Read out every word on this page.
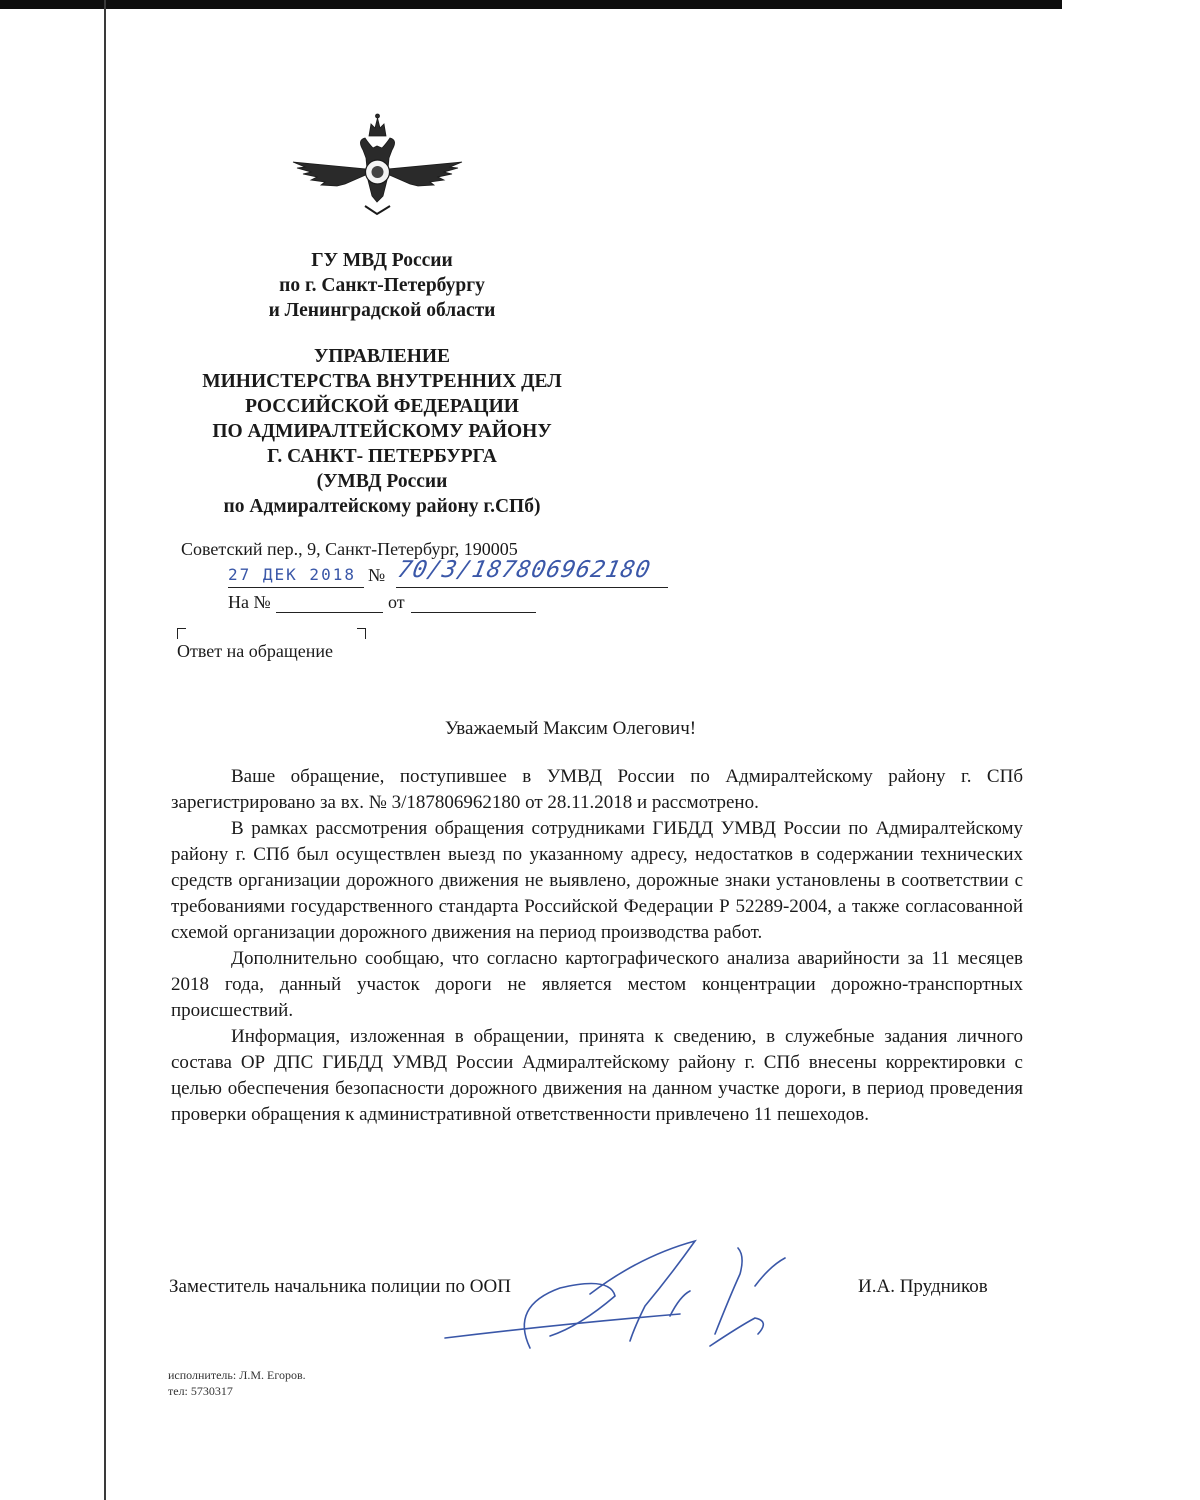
ГУ МВД России
по г. Санкт-Петербургу
и Ленинградской области
УПРАВЛЕНИЕ
МИНИСТЕРСТВА ВНУТРЕННИХ ДЕЛ
РОССИЙСКОЙ ФЕДЕРАЦИИ
ПО АДМИРАЛТЕЙСКОМУ РАЙОНУ
Г. САНКТ- ПЕТЕРБУРГА
(УМВД России
по Адмиралтейскому району г.СПб)
Советский пер., 9, Санкт-Петербург, 190005
27 ДЕК 2018 № 70/3/187806962180
На №	от
Ответ на обращение
Уважаемый Максим Олегович!

Ваше обращение, поступившее в УМВД России по Адмиралтейскому району г. СПб зарегистрировано за вх. № 3/187806962180 от 28.11.2018 и рассмотрено.

В рамках рассмотрения обращения сотрудниками ГИБДД УМВД России по Адмиралтейскому району г. СПб был осуществлен выезд по указанному адресу, недостатков в содержании технических средств организации дорожного движения не выявлено, дорожные знаки установлены в соответствии с требованиями государственного стандарта Российской Федерации Р 52289-2004, а также согласованной схемой организации дорожного движения на период производства работ.

Дополнительно сообщаю, что согласно картографического анализа аварийности за 11 месяцев 2018 года, данный участок дороги не является местом концентрации дорожно-транспортных происшествий.

Информация, изложенная в обращении, принята к сведению, в служебные задания личного состава ОР ДПС ГИБДД УМВД России Адмиралтейскому району г. СПб внесены корректировки с целью обеспечения безопасности дорожного движения на данном участке дороги, в период проведения проверки обращения к административной ответственности привлечено 11 пешеходов.

Заместитель начальника полиции по ООП	И.А. Прудников
исполнитель: Л.М. Егоров.
тел: 5730317
